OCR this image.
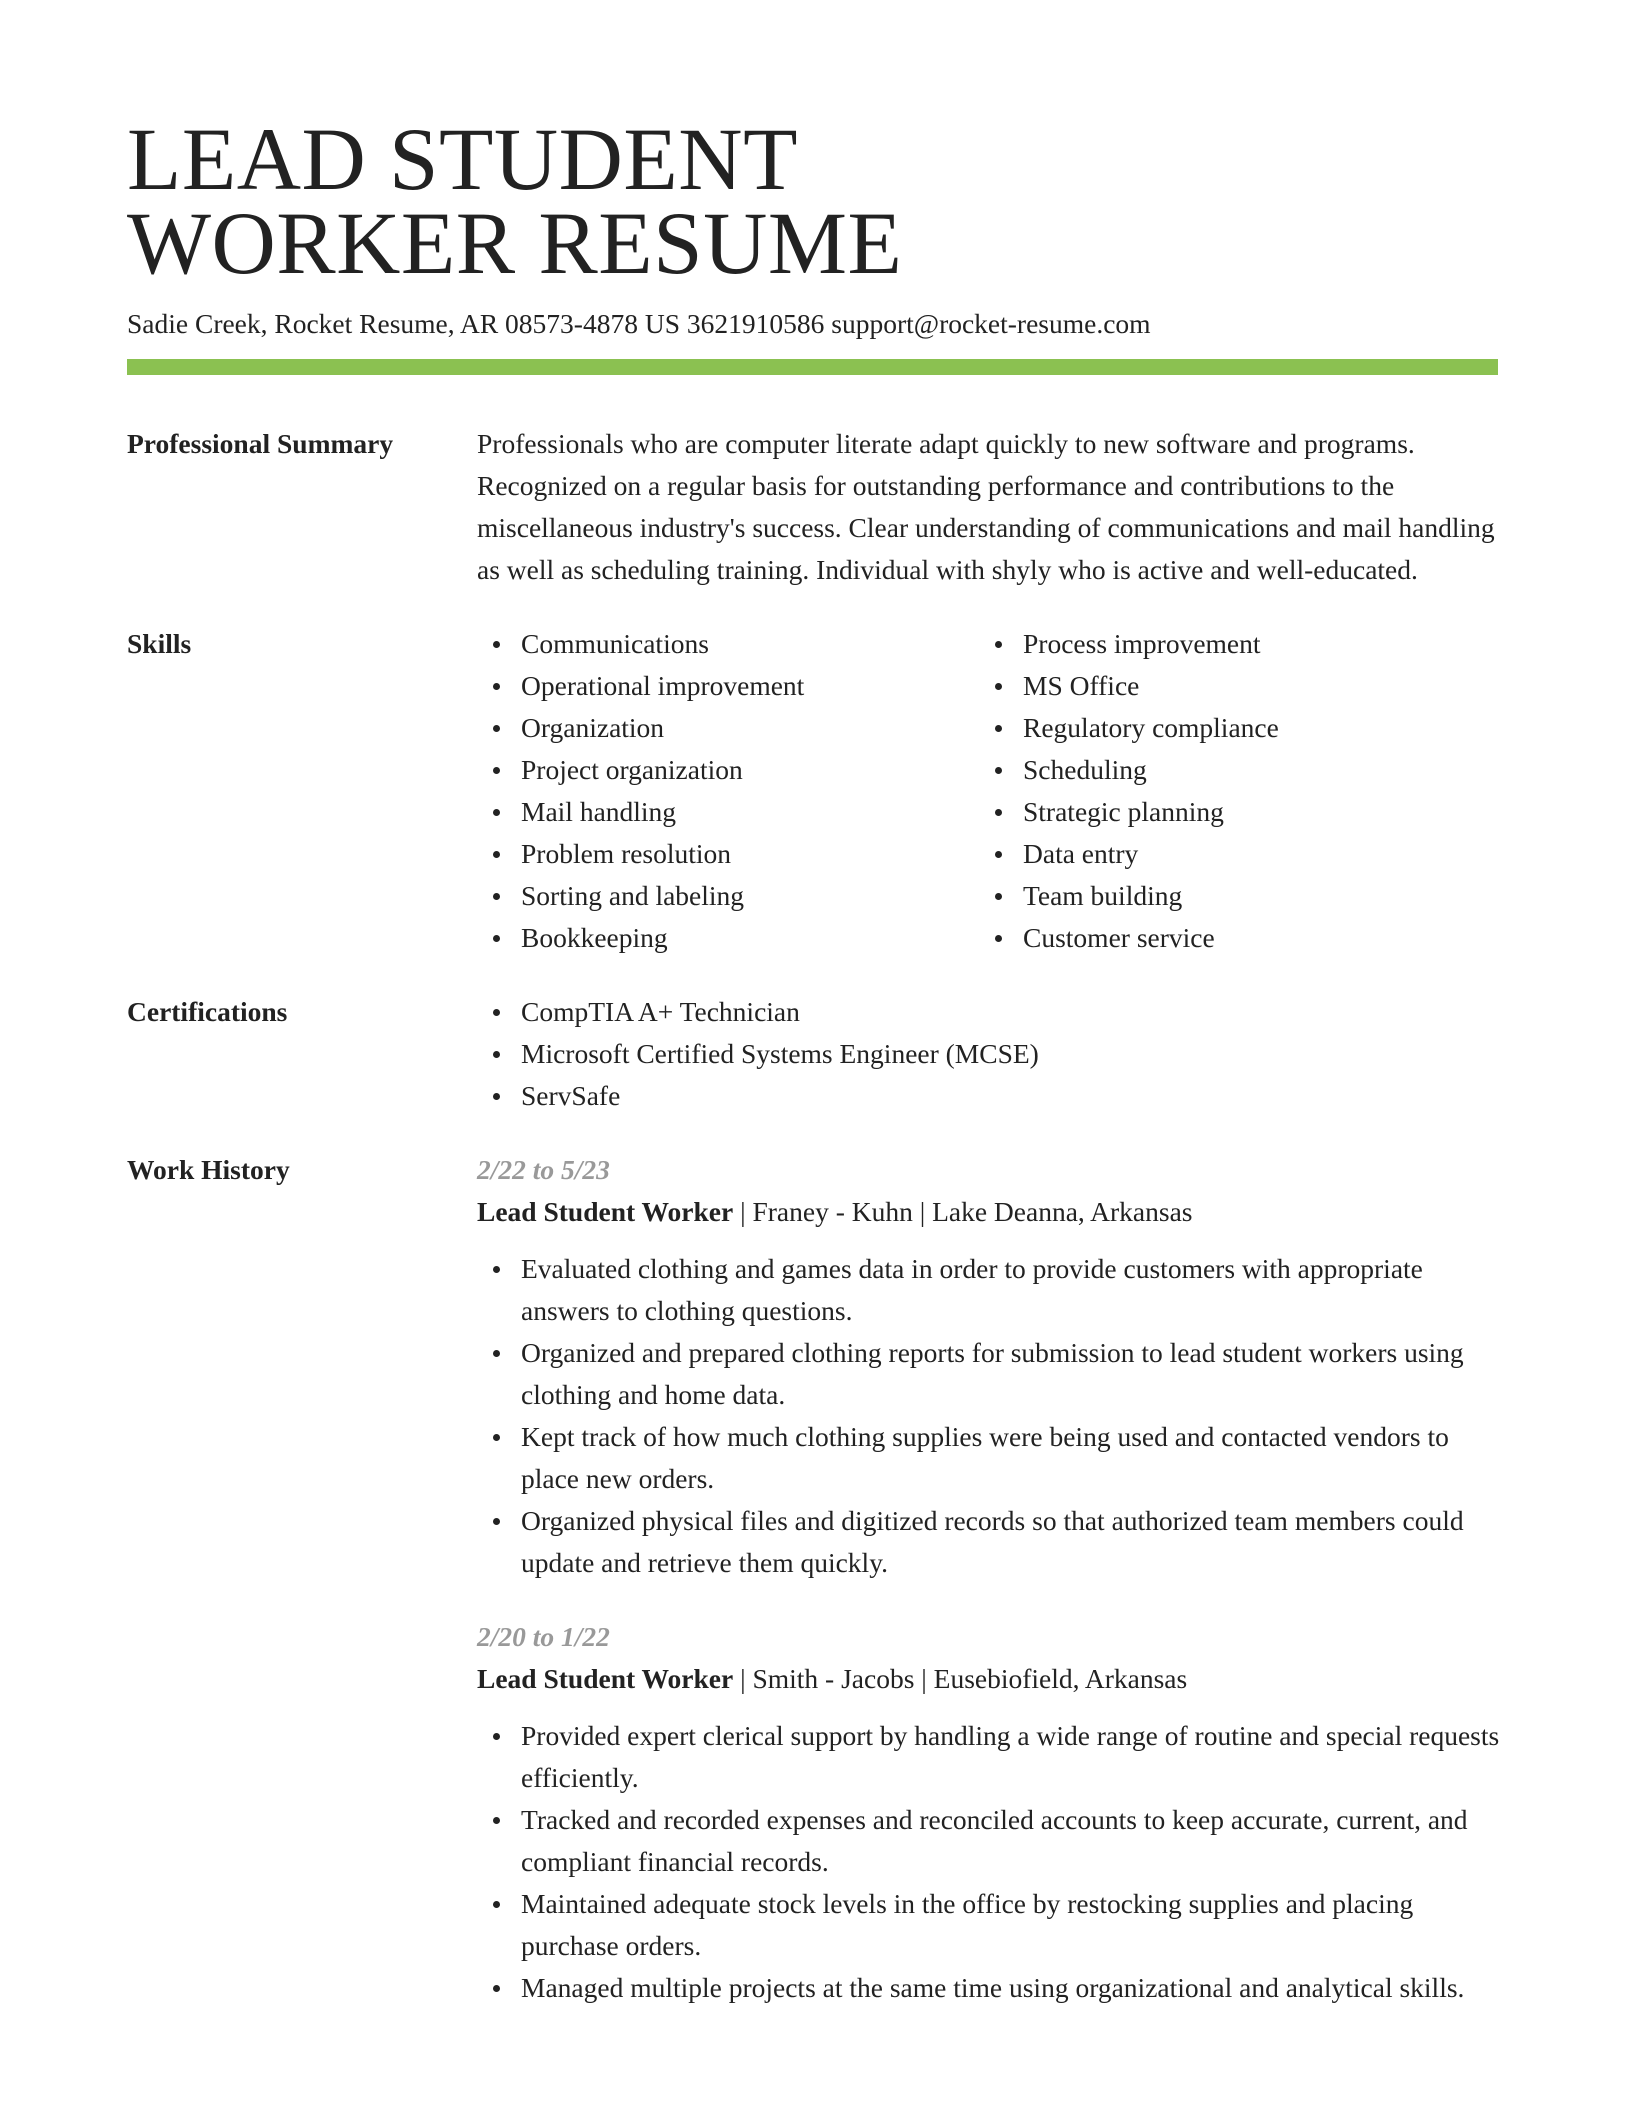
LEAD STUDENT
WORKER RESUME
Sadie Creek, Rocket Resume, AR 08573-4878 US 3621910586 support@rocket-resume.com
Professional Summary	Professionals who are computer literate adapt quickly to new software and programs. Recognized on a regular basis for outstanding performance and contributions to the miscellaneous industry's success. Clear understanding of communications and mail handling as well as scheduling training. Individual with shyly who is active and well-educated.
Skills	Communications
Operational improvement
Organization
Project organization
Mail handling
Problem resolution
Sorting and labeling
Bookkeeping
Process improvement
MS Office
Regulatory compliance
Scheduling
Strategic planning
Data entry
Team building
Customer service
Certifications	CompTIA A+ Technician
Microsoft Certified Systems Engineer (MCSE)
ServSafe
Work History	2/22 to 5/23
Lead Student Worker | Franey - Kuhn | Lake Deanna, Arkansas
Evaluated clothing and games data in order to provide customers with appropriate answers to clothing questions.
Organized and prepared clothing reports for submission to lead student workers using clothing and home data.
Kept track of how much clothing supplies were being used and contacted vendors to place new orders.
Organized physical files and digitized records so that authorized team members could update and retrieve them quickly.
2/20 to 1/22
Lead Student Worker | Smith - Jacobs | Eusebiofield, Arkansas
Provided expert clerical support by handling a wide range of routine and special requests efficiently.
Tracked and recorded expenses and reconciled accounts to keep accurate, current, and compliant financial records.
Maintained adequate stock levels in the office by restocking supplies and placing purchase orders.
Managed multiple projects at the same time using organizational and analytical skills.
